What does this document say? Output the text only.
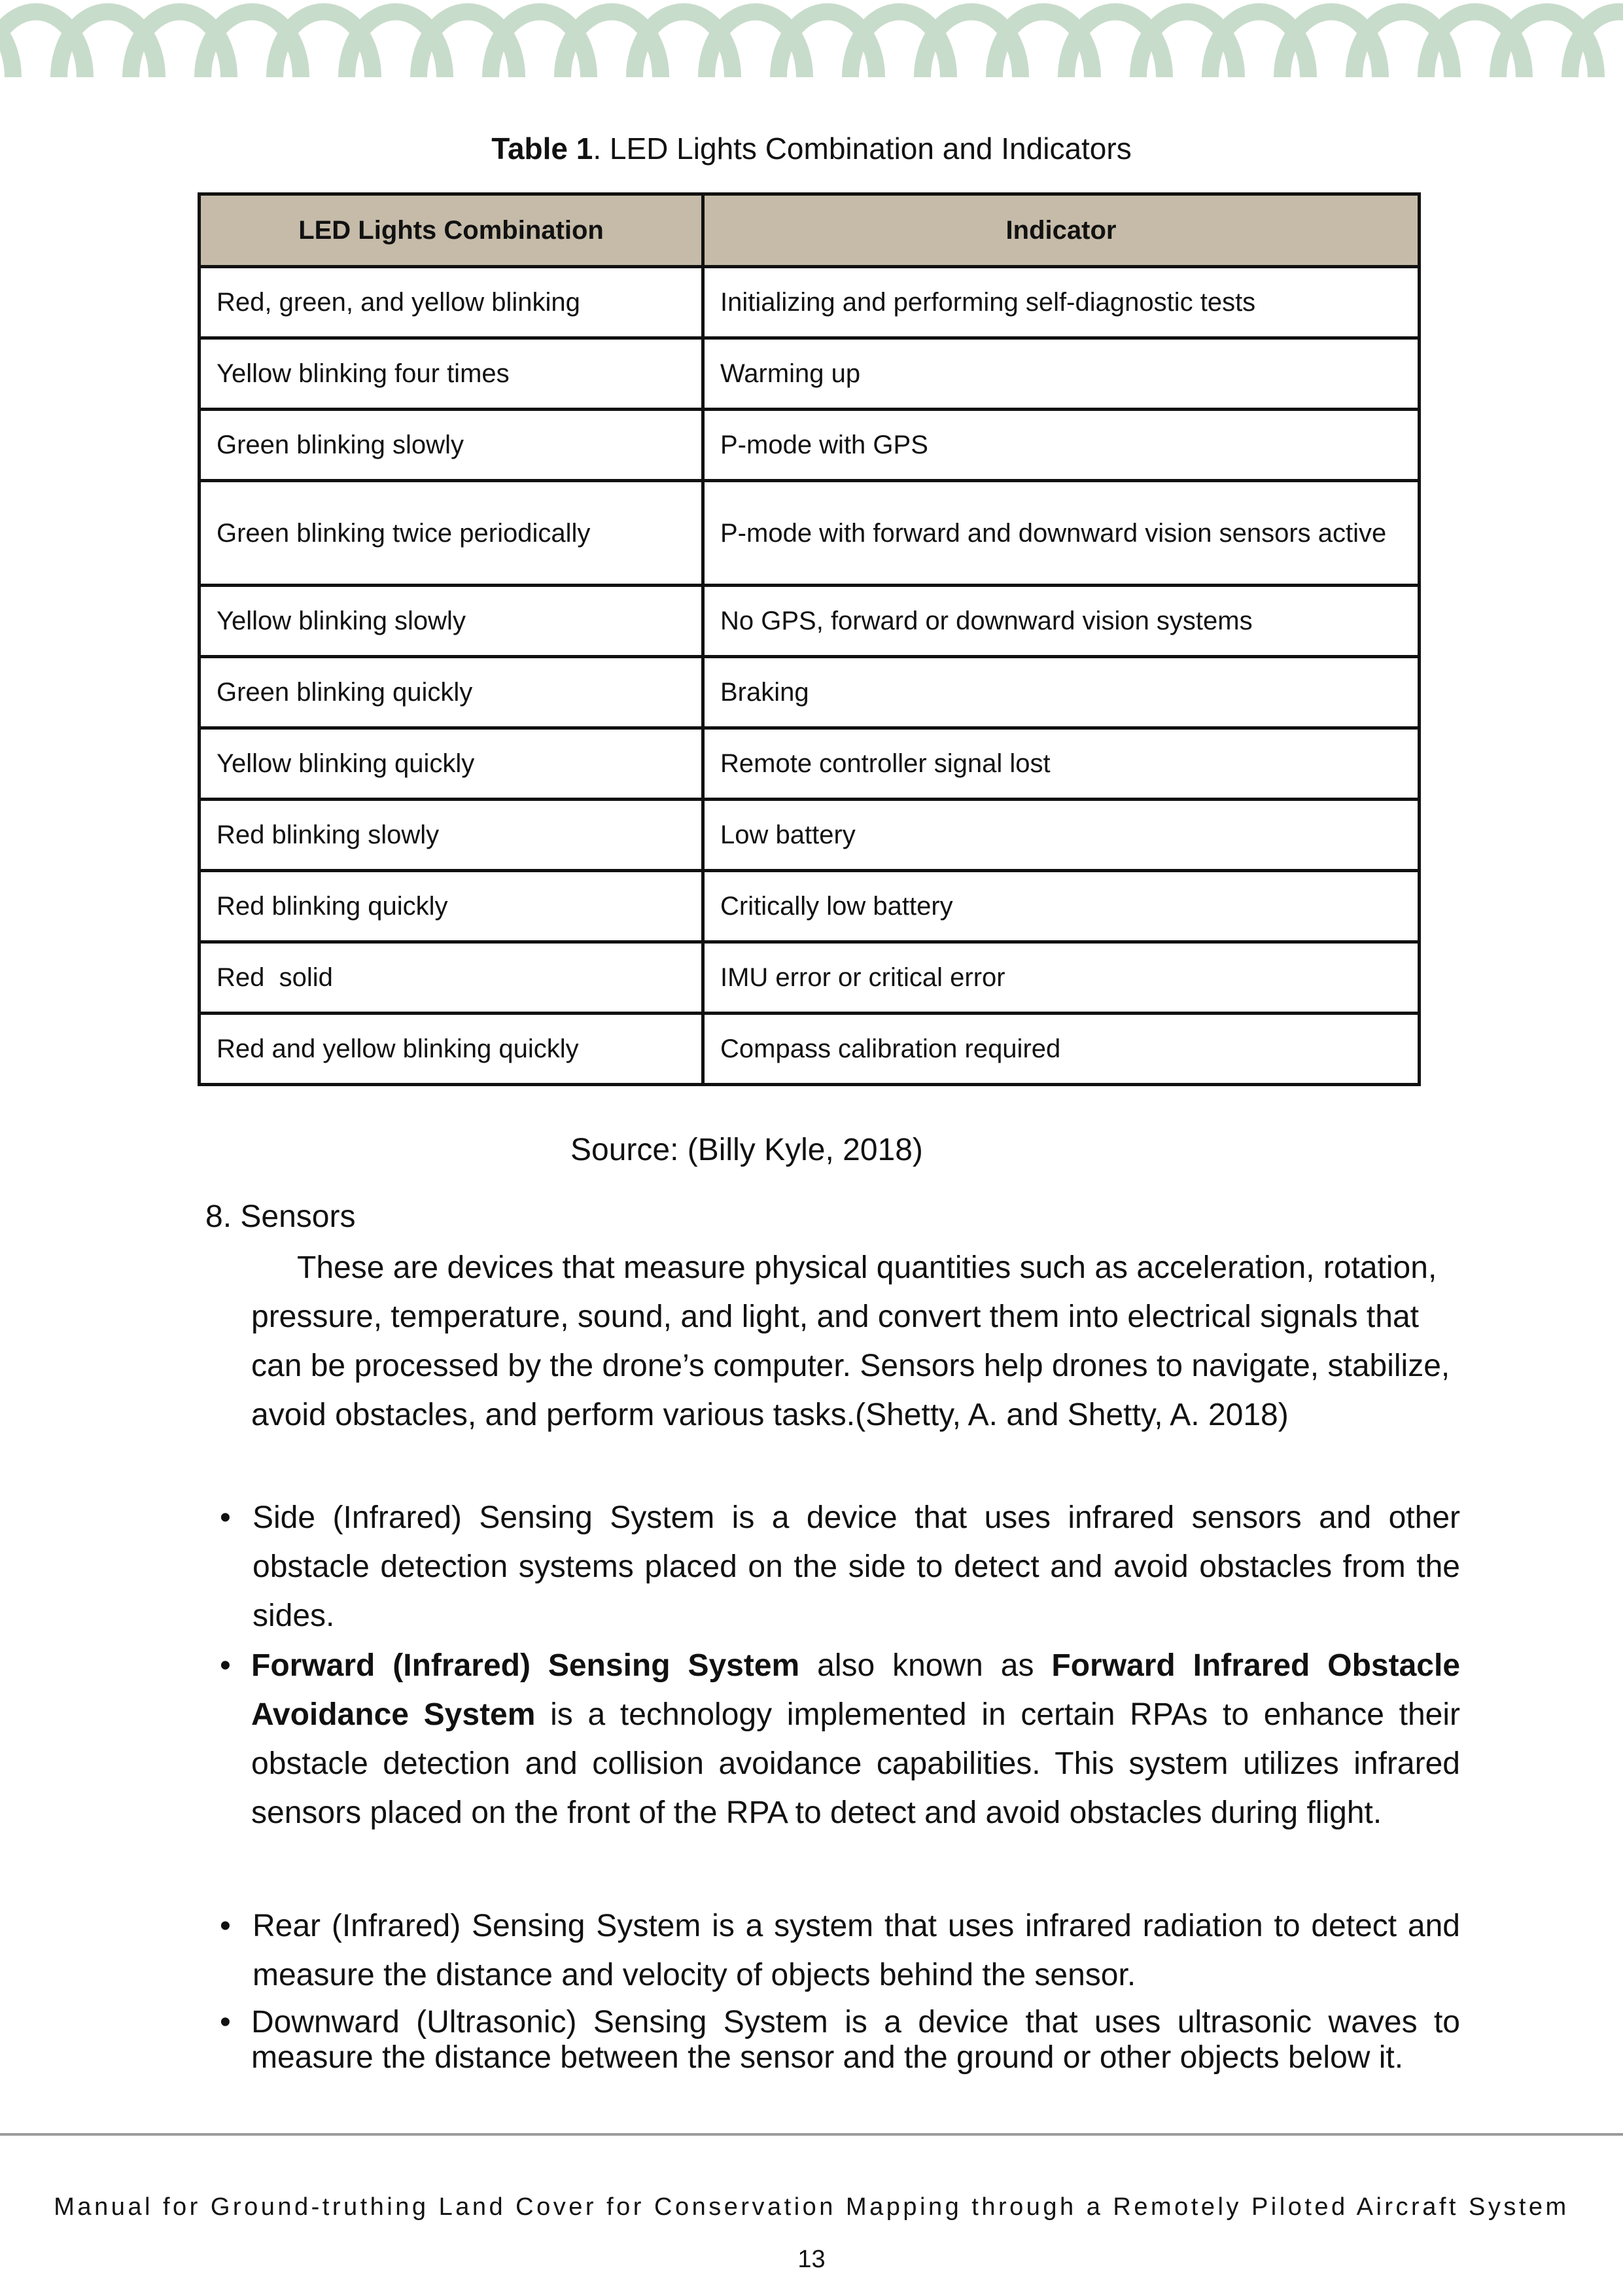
Table 1. LED Lights Combination and Indicators
LED Lights Combination	Indicator
Red, green, and yellow blinking	Initializing and performing self-diagnostic tests
Yellow blinking four times	Warming up
Green blinking slowly	P-mode with GPS
Green blinking twice periodically	P-mode with forward and downward vision sensors active
Yellow blinking slowly	No GPS, forward or downward vision systems
Green blinking quickly	Braking
Yellow blinking quickly	Remote controller signal lost
Red blinking slowly	Low battery
Red blinking quickly	Critically low battery
Red  solid	IMU error or critical error
Red and yellow blinking quickly	Compass calibration required
Source: (Billy Kyle, 2018)
8. Sensors
These are devices that measure physical quantities such as acceleration, rotation, pressure, temperature, sound, and light, and convert them into electrical signals that can be processed by the drone’s computer. Sensors help drones to navigate, stabilize, avoid obstacles, and perform various tasks.(Shetty, A. and Shetty, A. 2018)
• Side (Infrared) Sensing System is a device that uses infrared sensors and other obstacle detection systems placed on the side to detect and avoid obstacles from the sides.
• Forward (Infrared) Sensing System also known as Forward Infrared Obstacle Avoidance System is a technology implemented in certain RPAs to enhance their obstacle detection and collision avoidance capabilities. This system utilizes infrared sensors placed on the front of the RPA to detect and avoid obstacles during flight.
• Rear (Infrared) Sensing System is a system that uses infrared radiation to detect and measure the distance and velocity of objects behind the sensor.
• Downward (Ultrasonic) Sensing System is a device that uses ultrasonic waves to measure the distance between the sensor and the ground or other objects below it.
Manual for Ground-truthing Land Cover for Conservation Mapping through a Remotely Piloted Aircraft System
13
